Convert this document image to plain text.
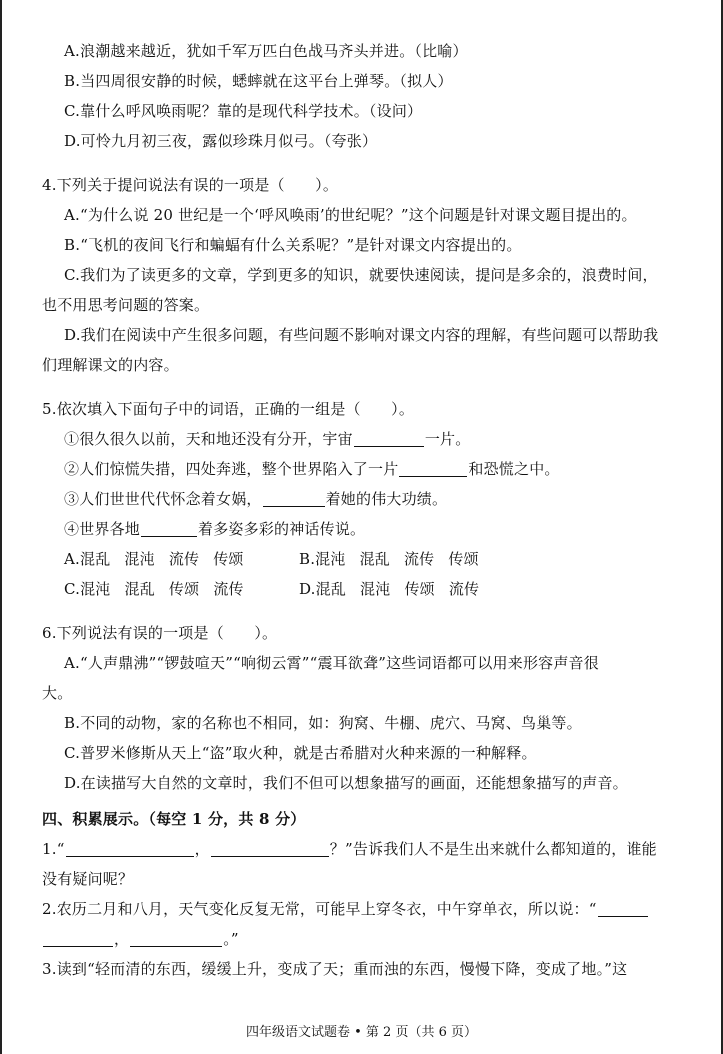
A.浪潮越来越近，犹如千军万匹白色战马齐头并进。（比喻）
B.当四周很安静的时候，蟋蟀就在这平台上弹琴。（拟人）
C.靠什么呼风唤雨呢？靠的是现代科学技术。（设问）
D.可怜九月初三夜，露似珍珠月似弓。（夸张）
4.下列关于提问说法有误的一项是（　　）。
A.“为什么说 20 世纪是一个‘呼风唤雨’的世纪呢？”这个问题是针对课文题目提出的。
B.“飞机的夜间飞行和蝙蝠有什么关系呢？”是针对课文内容提出的。
C.我们为了读更多的文章，学到更多的知识，就要快速阅读，提问是多余的，浪费时间，
也不用思考问题的答案。
D.我们在阅读中产生很多问题，有些问题不影响对课文内容的理解，有些问题可以帮助我
们理解课文的内容。
5.依次填入下面句子中的词语，正确的一组是（　　）。
①很久很久以前，天和地还没有分开，宇宙	一片。
②人们惊慌失措，四处奔逃，整个世界陷入了一片	和恐慌之中。
③人们世世代代怀念着女娲，	着她的伟大功绩。
④世界各地	着多姿多彩的神话传说。
A.混乱 混沌 流传 传颂	B.混沌 混乱 流传 传颂
C.混沌 混乱 传颂 流传	D.混乱 混沌 传颂 流传
6.下列说法有误的一项是（　　）。
A.“人声鼎沸”“锣鼓喧天”“响彻云霄”“震耳欲聋”这些词语都可以用来形容声音很
大。
B.不同的动物，家的名称也不相同，如：狗窝、牛棚、虎穴、马窝、鸟巢等。
C.普罗米修斯从天上“盗”取火种，就是古希腊对火种来源的一种解释。
D.在读描写大自然的文章时，我们不但可以想象描写的画面，还能想象描写的声音。
四、积累展示。（每空 1 分，共 8 分）
1.“	，	？”告诉我们人不是生出来就什么都知道的，谁能
没有疑问呢？
2.农历二月和八月，天气变化反复无常，可能早上穿冬衣，中午穿单衣，所以说：“
，	。”
3.读到“轻而清的东西，缓缓上升，变成了天；重而浊的东西，慢慢下降，变成了地。”这
四年级语文试题卷 • 第 2 页（共 6 页）
